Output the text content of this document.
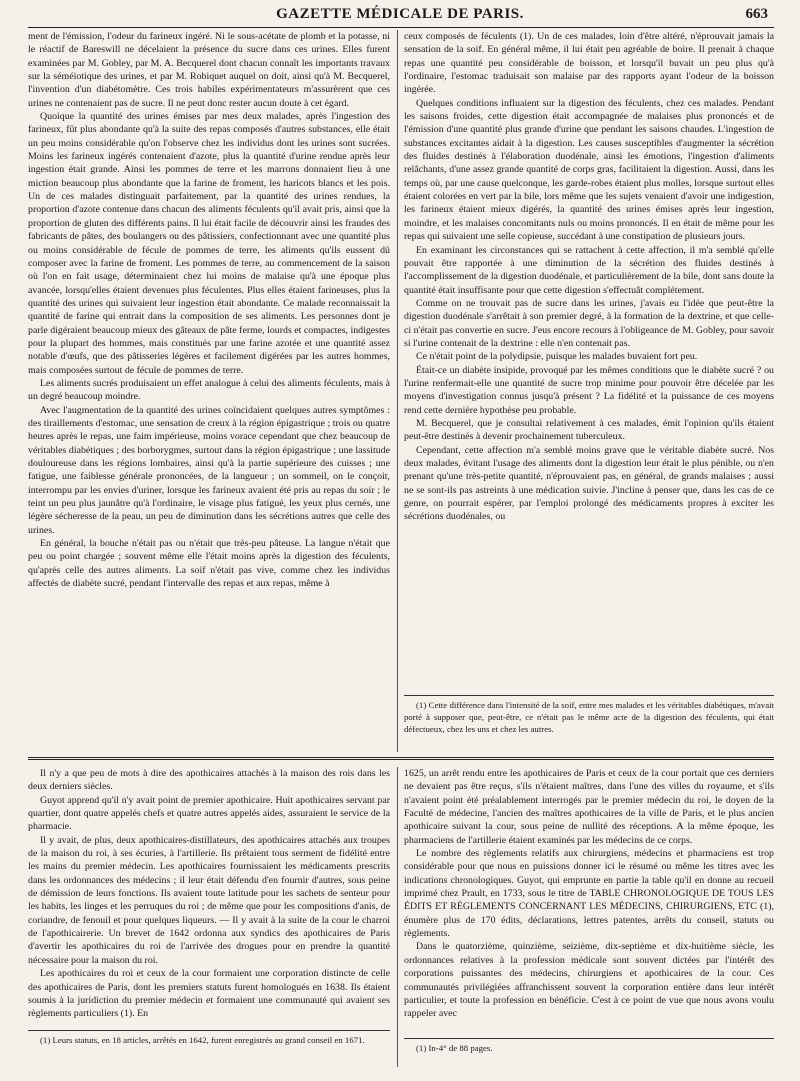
GAZETTE MÉDICALE DE PARIS.	663

ment de l'émission, l'odeur du farineux ingéré. Ni le sous-acétate de plomb et la potasse, ni le réactif de Bareswill ne décelaient la présence du sucre dans ces urines. Elles furent examinées par M. Gobley, par M. A. Becquerel dont chacun connaît les importants travaux sur la séméiotique des urines, et par M. Robiquet auquel on doit, ainsi qu'à M. Becquerel, l'invention d'un diabétomètre. Ces trois habiles expérimentateurs m'assurèrent que ces urines ne contenaient pas de sucre. Il ne peut donc rester aucun doute à cet égard.

Quoique la quantité des urines émises par mes deux malades, après l'ingestion des farineux, fût plus abondante qu'à la suite des repas composés d'autres substances, elle était un peu moins considérable qu'on l'observe chez les individus dont les urines sont sucrées. Moins les farineux ingérés contenaient d'azote, plus la quantité d'urine rendue après leur ingestion était grande. Ainsi les pommes de terre et les marrons donnaient lieu à une miction beaucoup plus abondante que la farine de froment, les haricots blancs et les pois. Un de ces malades distinguait parfaitement, par la quantité des urines rendues, la proportion d'azote contenue dans chacun des aliments féculents qu'il avait pris, ainsi que la proportion de gluten des différents pains. Il lui était facile de découvrir ainsi les fraudes des fabricants de pâtes, des boulangers ou des pâtissiers, confectionnant avec une quantité plus ou moins considérable de fécule de pommes de terre, les aliments qu'ils eussent dû composer avec la farine de froment. Les pommes de terre, au commencement de la saison où l'on en fait usage, déterminaient chez lui moins de malaise qu'à une époque plus avancée, lorsqu'elles étaient devenues plus féculentes. Plus elles étaient farineuses, plus la quantité des urines qui suivaient leur ingestion était abondante. Ce malade reconnaissait la quantité de farine qui entrait dans la composition de ses aliments. Les personnes dont je parle digéraient beaucoup mieux des gâteaux de pâte ferme, lourds et compactes, indigestes pour la plupart des hommes, mais constitués par une farine azotée et une quantité assez notable d'œufs, que des pâtisseries légères et facilement digérées par les autres hommes, mais composées surtout de fécule de pommes de terre.

Les aliments sucrés produisaient un effet analogue à celui des aliments féculents, mais à un degré beaucoup moindre.

Avec l'augmentation de la quantité des urines coïncidaient quelques autres symptômes : des tiraillements d'estomac, une sensation de creux à la région épigastrique ; trois ou quatre heures après le repas, une faim impérieuse, moins vorace cependant que chez beaucoup de véritables diabétiques ; des borborygmes, surtout dans la région épigastrique ; une lassitude douloureuse dans les régions lombaires, ainsi qu'à la partie supérieure des cuisses ; une fatigue, une faiblesse générale prononcées, de la langueur ; un sommeil, on le conçoit, interrompu par les envies d'uriner, lorsque les farineux avaient été pris au repas du soir ; le teint un peu plus jaunâtre qu'à l'ordinaire, le visage plus fatigué, les yeux plus cernés, une légère sécheresse de la peau, un peu de diminution dans les sécrétions autres que celle des urines.

En général, la bouche n'était pas ou n'était que très-peu pâteuse. La langue n'était que peu ou point chargée ; souvent même elle l'était moins après la digestion des féculents, qu'après celle des autres aliments. La soif n'était pas vive, comme chez les individus affectés de diabète sucré, pendant l'intervalle des repas et aux repas, même à

ceux composés de féculents (1). Un de ces malades, loin d'être altéré, n'éprouvait jamais la sensation de la soif. En général même, il lui était peu agréable de boire. Il prenait à chaque repas une quantité peu considérable de boisson, et lorsqu'il buvait un peu plus qu'à l'ordinaire, l'estomac traduisait son malaise par des rapports ayant l'odeur de la boisson ingérée.

Quelques conditions influaient sur la digestion des féculents, chez ces malades. Pendant les saisons froides, cette digestion était accompagnée de malaises plus prononcés et de l'émission d'une quantité plus grande d'urine que pendant les saisons chaudes. L'ingestion de substances excitantes aidait à la digestion. Les causes susceptibles d'augmenter la sécrétion des fluides destinés à l'élaboration duodénale, ainsi les émotions, l'ingestion d'aliments relâchants, d'une assez grande quantité de corps gras, facilitaient la digestion. Aussi, dans les temps où, par une cause quelconque, les garde-robes étaient plus molles, lorsque surtout elles étaient colorées en vert par la bile, lors même que les sujets venaient d'avoir une indigestion, les farineux étaient mieux digérés, la quantité des urines émises après leur ingestion, moindre, et les malaises concomitants nuls ou moins prononcés. Il en était de même pour les repas qui suivaient une selle copieuse, succédant à une constipation de plusieurs jours.

En examinant les circonstances qui se rattachent à cette affection, il m'a semblé qu'elle pouvait être rapportée à une diminution de la sécrétion des fluides destinés à l'accomplissement de la digestion duodénale, et particulièrement de la bile, dont sans doute la quantité était insuffisante pour que cette digestion s'effectuât complétement.

Comme on ne trouvait pas de sucre dans les urines, j'avais eu l'idée que peut-être la digestion duodénale s'arrêtait à son premier degré, à la formation de la dextrine, et que celle-ci n'était pas convertie en sucre. J'eus encore recours à l'obligeance de M. Gobley, pour savoir si l'urine contenait de la dextrine : elle n'en contenait pas.

Ce n'était point de la polydipsie, puisque les malades buvaient fort peu.

Était-ce un diabète insipide, provoqué par les mêmes conditions que le diabète sucré ? ou l'urine renfermait-elle une quantité de sucre trop minime pour pouvoir être décelée par les moyens d'investigation connus jusqu'à présent ? La fidélité et la puissance de ces moyens rend cette dernière hypothèse peu probable.

M. Becquerel, que je consultai relativement à ces malades, émit l'opinion qu'ils étaient peut-être destinés à devenir prochainement tuberculeux.

Cependant, cette affection m'a semblé moins grave que le véritable diabète sucré. Nos deux malades, évitant l'usage des aliments dont la digestion leur était le plus pénible, ou n'en prenant qu'une très-petite quantité, n'éprouvaient pas, en général, de grands malaises ; aussi ne se sont-ils pas astreints à une médication suivie. J'incline à penser que, dans les cas de ce genre, on pourrait espérer, par l'emploi prolongé des médicaments propres à exciter les sécrétions duodénales, ou

(1) Cette différence dans l'intensité de la soif, entre mes malades et les véritables diabétiques, m'avait porté à supposer que, peut-être, ce n'était pas le même acte de la digestion des féculents, qui était défectueux, chez les uns et chez les autres.

Il n'y a que peu de mots à dire des apothicaires attachés à la maison des rois dans les deux derniers siècles.

Guyot apprend qu'il n'y avait point de premier apothicaire. Huit apothicaires servant par quartier, dont quatre appelés chefs et quatre autres appelés aides, assuraient le service de la pharmacie.

Il y avait, de plus, deux apothicaires-distillateurs, des apothicaires attachés aux troupes de la maison du roi, à ses écuries, à l'artillerie. Ils prêtaient tous serment de fidélité entre les mains du premier médecin. Les apothicaires fournissaient les médicaments prescrits dans les ordonnances des médecins ; il leur était défendu d'en fournir d'autres, sous peine de démission de leurs fonctions. Ils avaient toute latitude pour les sachets de senteur pour les habits, les linges et les perruques du roi ; de même que pour les compositions d'anis, de coriandre, de fenouil et pour quelques liqueurs. — Il y avait à la suite de la cour le charroi de l'apothicairerie. Un brevet de 1642 ordonna aux syndics des apothicaires de Paris d'avertir les apothicaires du roi de l'arrivée des drogues pour en prendre la quantité nécessaire pour la maison du roi.

Les apothicaires du roi et ceux de la cour formaient une corporation distincte de celle des apothicaires de Paris, dont les premiers statuts furent homologués en 1638. Ils étaient soumis à la juridiction du premier médecin et formaient une communauté qui avaient ses règlements particuliers (1). En

1625, un arrêt rendu entre les apothicaires de Paris et ceux de la cour portait que ces derniers ne devaient pas être reçus, s'ils n'étaient maîtres, dans l'une des villes du royaume, et s'ils n'avaient point été préalablement interrogés par le premier médecin du roi, le doyen de la Faculté de médecine, l'ancien des maîtres apothicaires de la ville de Paris, et le plus ancien apothicaire suivant la cour, sous peine de nullité des réceptions. A la même époque, les pharmaciens de l'artillerie étaient examinés par les médecins de ce corps.

Le nombre des règlements relatifs aux chirurgiens, médecins et pharmaciens est trop considérable pour que nous en puissions donner ici le résumé ou même les titres avec les indications chronologiques. Guyot, qui emprunte en partie la table qu'il en donne au recueil imprimé chez Prault, en 1733, sous le titre de TABLE CHRONOLOGIQUE DE TOUS LES ÉDITS ET RÈGLEMENTS CONCERNANT LES MÉDECINS, CHIRURGIENS, ETC (1), énumère plus de 170 édits, déclarations, lettres patentes, arrêts du conseil, statuts ou règlements.

Dans le quatorzième, quinzième, seizième, dix-septième et dix-huitième siècle, les ordonnances relatives à la profession médicale sont souvent dictées par l'intérêt des corporations puissantes des médecins, chirurgiens et apothicaires de la cour. Ces communautés privilégiées affranchissent souvent la corporation entière dans leur intérêt particulier, et toute la profession en bénéficie. C'est à ce point de vue que nous avons voulu rappeler avec

(1) Leurs statuts, en 18 articles, arrêtés en 1642, furent enregistrés au grand conseil en 1671.

(1) In-4° de 88 pages.
